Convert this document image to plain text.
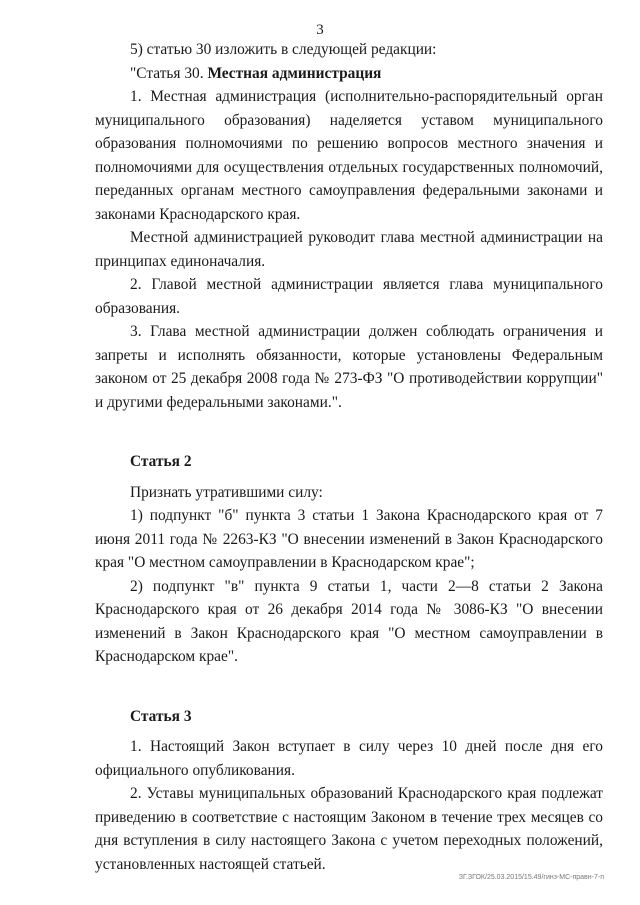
3

5) статью 30 изложить в следующей редакции:

"Статья 30. Местная администрация

1. Местная администрация (исполнительно-распорядительный орган муниципального образования) наделяется уставом муниципального образования полномочиями по решению вопросов местного значения и полномочиями для осуществления отдельных государственных полномочий, переданных органам местного самоуправления федеральными законами и законами Краснодарского края.

Местной администрацией руководит глава местной администрации на принципах единоначалия.

2. Главой местной администрации является глава муниципального образования.

3. Глава местной администрации должен соблюдать ограничения и запреты и исполнять обязанности, которые установлены Федеральным законом от 25 декабря 2008 года № 273-ФЗ "О противодействии коррупции" и другими федеральными законами.".

Статья 2

Признать утратившими силу:

1) подпункт "б" пункта 3 статьи 1 Закона Краснодарского края от 7 июня 2011 года № 2263-КЗ "О внесении изменений в Закон Краснодарского края "О местном самоуправлении в Краснодарском крае";

2) подпункт "в" пункта 9 статьи 1, части 2—8 статьи 2 Закона Краснодарского края от 26 декабря 2014 года № 3086-КЗ "О внесении изменений в Закон Краснодарского края "О местном самоуправлении в Краснодарском крае".

Статья 3

1. Настоящий Закон вступает в силу через 10 дней после дня его официального опубликования.

2. Уставы муниципальных образований Краснодарского края подлежат приведению в соответствие с настоящим Законом в течение трех месяцев со дня вступления в силу настоящего Закона с учетом переходных положений, установленных настоящей статьей.

ЗГ.ЗГОК/25.03.2015/15.49/гинз-МС-правн-7-п
